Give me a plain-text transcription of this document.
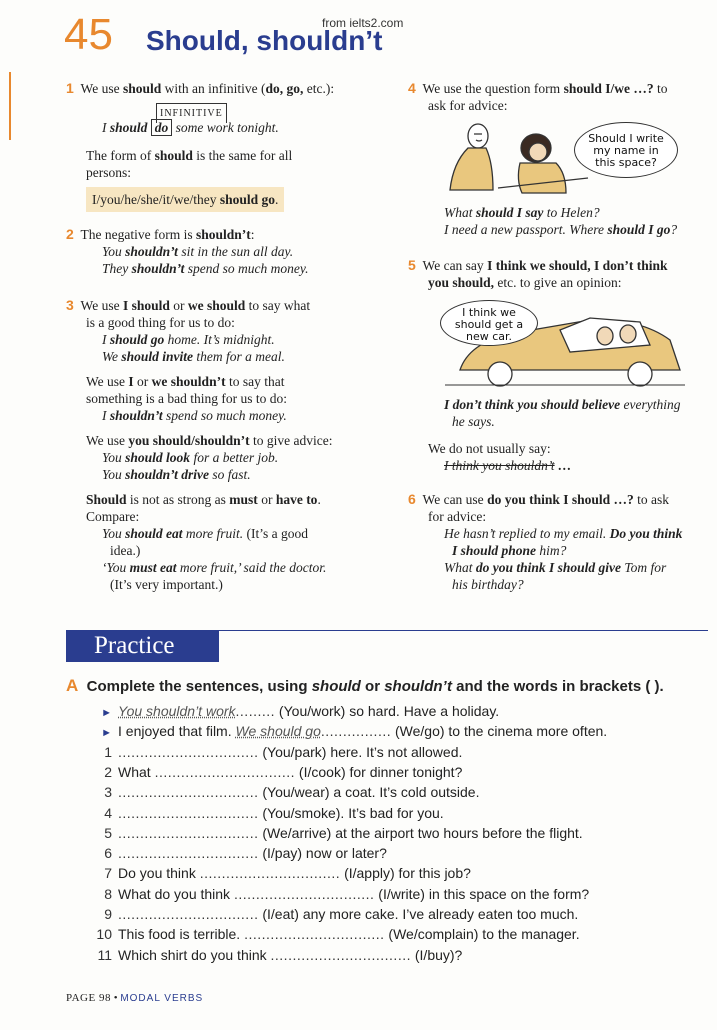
from ielts2.com
45 Should, shouldn’t
1 We use should with an infinitive (do, go, etc.):
INFINITIVE
I should do some work tonight.
The form of should is the same for all
persons:
I/you/he/she/it/we/they should go.
2 The negative form is shouldn’t:
You shouldn’t sit in the sun all day.
They shouldn’t spend so much money.
3 We use I should or we should to say what
is a good thing for us to do:
I should go home. It’s midnight.
We should invite them for a meal.
We use I or we shouldn’t to say that
something is a bad thing for us to do:
I shouldn’t spend so much money.
We use you should/shouldn’t to give advice:
You should look for a better job.
You shouldn’t drive so fast.
Should is not as strong as must or have to.
Compare:
You should eat more fruit. (It’s a good
idea.)
‘You must eat more fruit,’ said the doctor.
(It’s very important.)
4 We use the question form should I/we …? to
ask for advice:
Should I write my name in this space?
What should I say to Helen?
I need a new passport. Where should I go?
5 We can say I think we should, I don’t think
you should, etc. to give an opinion:
I think we should get a new car.
I don’t think you should believe everything
he says.
We do not usually say:
I think you shouldn’t …
6 We can use do you think I should …? to ask
for advice:
He hasn’t replied to my email. Do you think
I should phone him?
What do you think I should give Tom for
his birthday?
Practice
A Complete the sentences, using should or shouldn’t and the words in brackets ( ).
► You shouldn’t work......... (You/work) so hard. Have a holiday.
► I enjoyed that film. We should go................ (We/go) to the cinema more often.
1 ................................ (You/park) here. It’s not allowed.
2 What ................................ (I/cook) for dinner tonight?
3 ................................ (You/wear) a coat. It’s cold outside.
4 ................................ (You/smoke). It’s bad for you.
5 ................................ (We/arrive) at the airport two hours before the flight.
6 ................................ (I/pay) now or later?
7 Do you think ................................ (I/apply) for this job?
8 What do you think ................................ (I/write) in this space on the form?
9 ................................ (I/eat) any more cake. I’ve already eaten too much.
10 This food is terrible. ................................ (We/complain) to the manager.
11 Which shirt do you think ................................ (I/buy)?
PAGE 98 • MODAL VERBS
